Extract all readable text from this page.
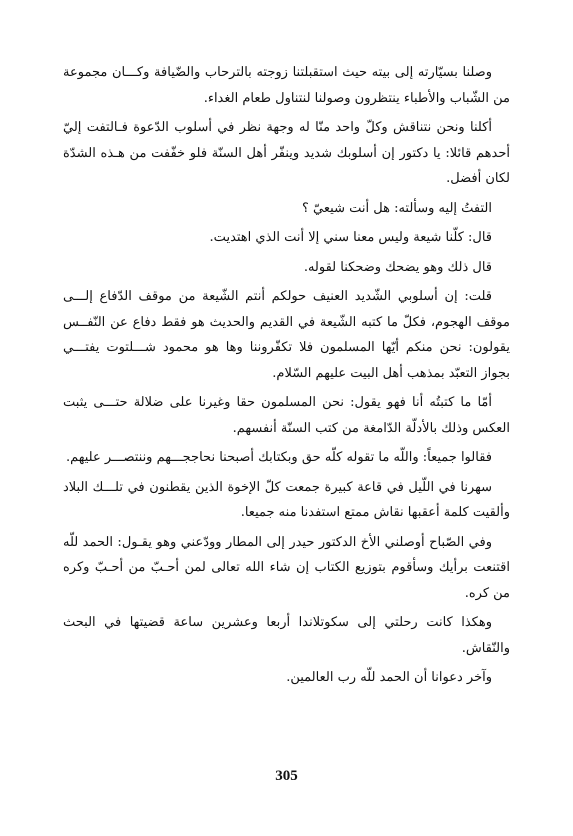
وصلنا بسيّارته إلى بيته حيث استقبلتنا زوجته بالترحاب والضّيافة وكـــان مجموعة من الشّباب والأطباء ينتظرون وصولنا لنتناول طعام الغداء.

أكلنا ونحن نتناقش وكلّ واحد منّا له وجهة نظر في أسلوب الدّعوة فـالتفت إليّ أحدهم قائلا: يا دكتور إن أسلوبك شديد وينفّر أهل السنّة فلو خفّفت من هـذه الشدّة لكان أفضل.

التفتُ إليه وسألته: هل أنت شيعيّ ؟

قال: كلّنا شيعة وليس معنا سني إلا أنت الذي اهتديت.

قال ذلك وهو يضحك وضحكنا لقوله.

قلت: إن أسلوبي الشّديد العنيف حولكم أنتم الشّيعة من موقف الدّفاع إلـــى موقف الهجوم، فكلّ ما كتبه الشّيعة في القديم والحديث هو فقط دفاع عن النّفــس يقولون: نحن منكم أيّها المسلمون فلا تكفّروننا وها هو محمود شـــلتوت يفتـــي بجواز التعبّد بمذهب أهل البيت عليهم السّلام.

أمّا ما كتبتُه أنا فهو يقول: نحن المسلمون حقا وغيرنا على ضلالة حتـــى يثبت العكس وذلك بالأدلّة الدّامغة من كتب السنّة أنفسهم.

فقالوا جميعاً: واللّه ما تقوله كلّه حق وبكتابك أصبحنا نحاججـــهم وننتصـــر عليهم.

سهرنا في اللّيل في قاعة كبيرة جمعت كلّ الإخوة الذين يقطنون في تلـــك البلاد وألقيت كلمة أعقبها نقاش ممتع استفدنا منه جميعا.

وفي الصّباح أوصلني الأخ الدكتور حيدر إلى المطار وودّعني وهو يقـول: الحمد للّه اقتنعت برأيك وسأقوم بتوزيع الكتاب إن شاء الله تعالى لمن أحـبّ من أحـبّ وكره من كره.

وهكذا كانت رحلتي إلى سكوتلاندا أربعا وعشرين ساعة قضيتها في البحث والنّقاش.

وآخر دعوانا أن الحمد للّه رب العالمين.

305
